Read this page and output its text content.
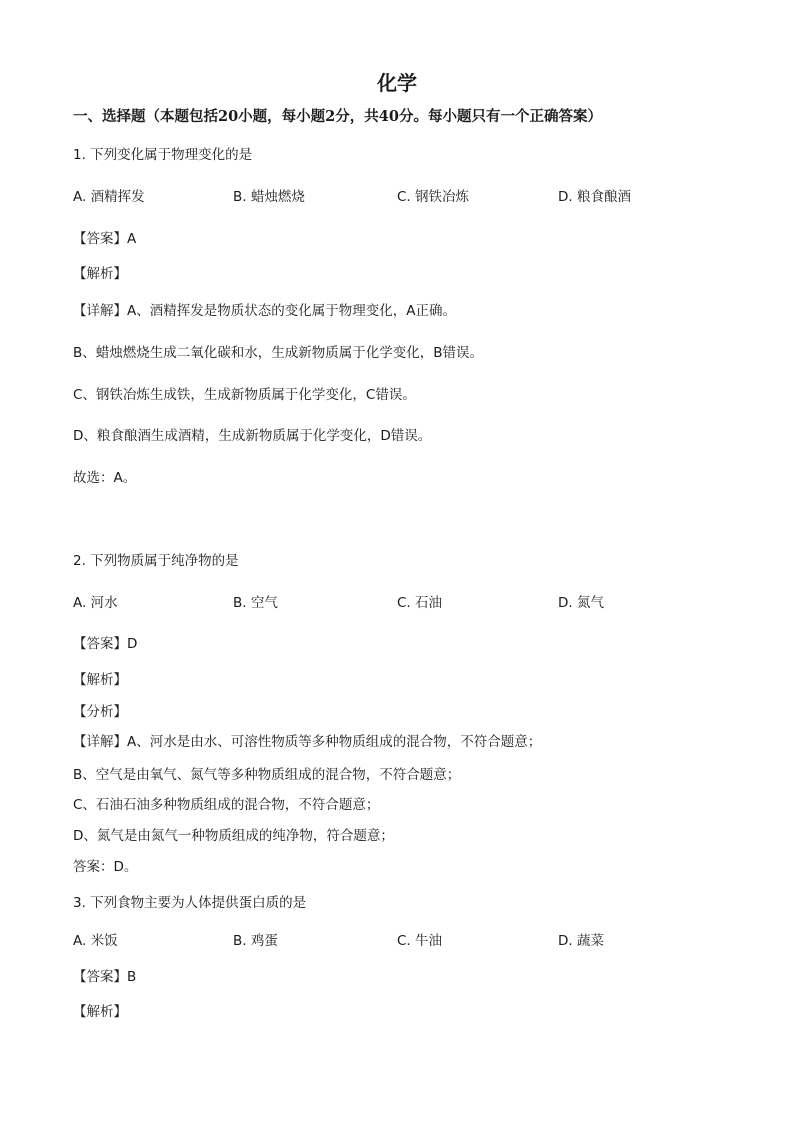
化学
一、选择题（本题包括20小题，每小题2分，共40分。每小题只有一个正确答案）
1. 下列变化属于物理变化的是
A. 酒精挥发	B. 蜡烛燃烧	C. 钢铁冶炼	D. 粮食酿酒
【答案】A
【解析】
【详解】A、酒精挥发是物质状态的变化属于物理变化，A正确。
B、蜡烛燃烧生成二氧化碳和水，生成新物质属于化学变化，B错误。
C、钢铁冶炼生成铁，生成新物质属于化学变化，C错误。
D、粮食酿酒生成酒精，生成新物质属于化学变化，D错误。
故选：A。
2. 下列物质属于纯净物的是
A. 河水	B. 空气	C. 石油	D. 氮气
【答案】D
【解析】
【分析】
【详解】A、河水是由水、可溶性物质等多种物质组成的混合物，不符合题意；
B、空气是由氧气、氮气等多种物质组成的混合物，不符合题意；
C、石油石油多种物质组成的混合物，不符合题意；
D、氮气是由氮气一种物质组成的纯净物，符合题意；
答案：D。
3. 下列食物主要为人体提供蛋白质的是
A. 米饭	B. 鸡蛋	C. 牛油	D. 蔬菜
【答案】B
【解析】
